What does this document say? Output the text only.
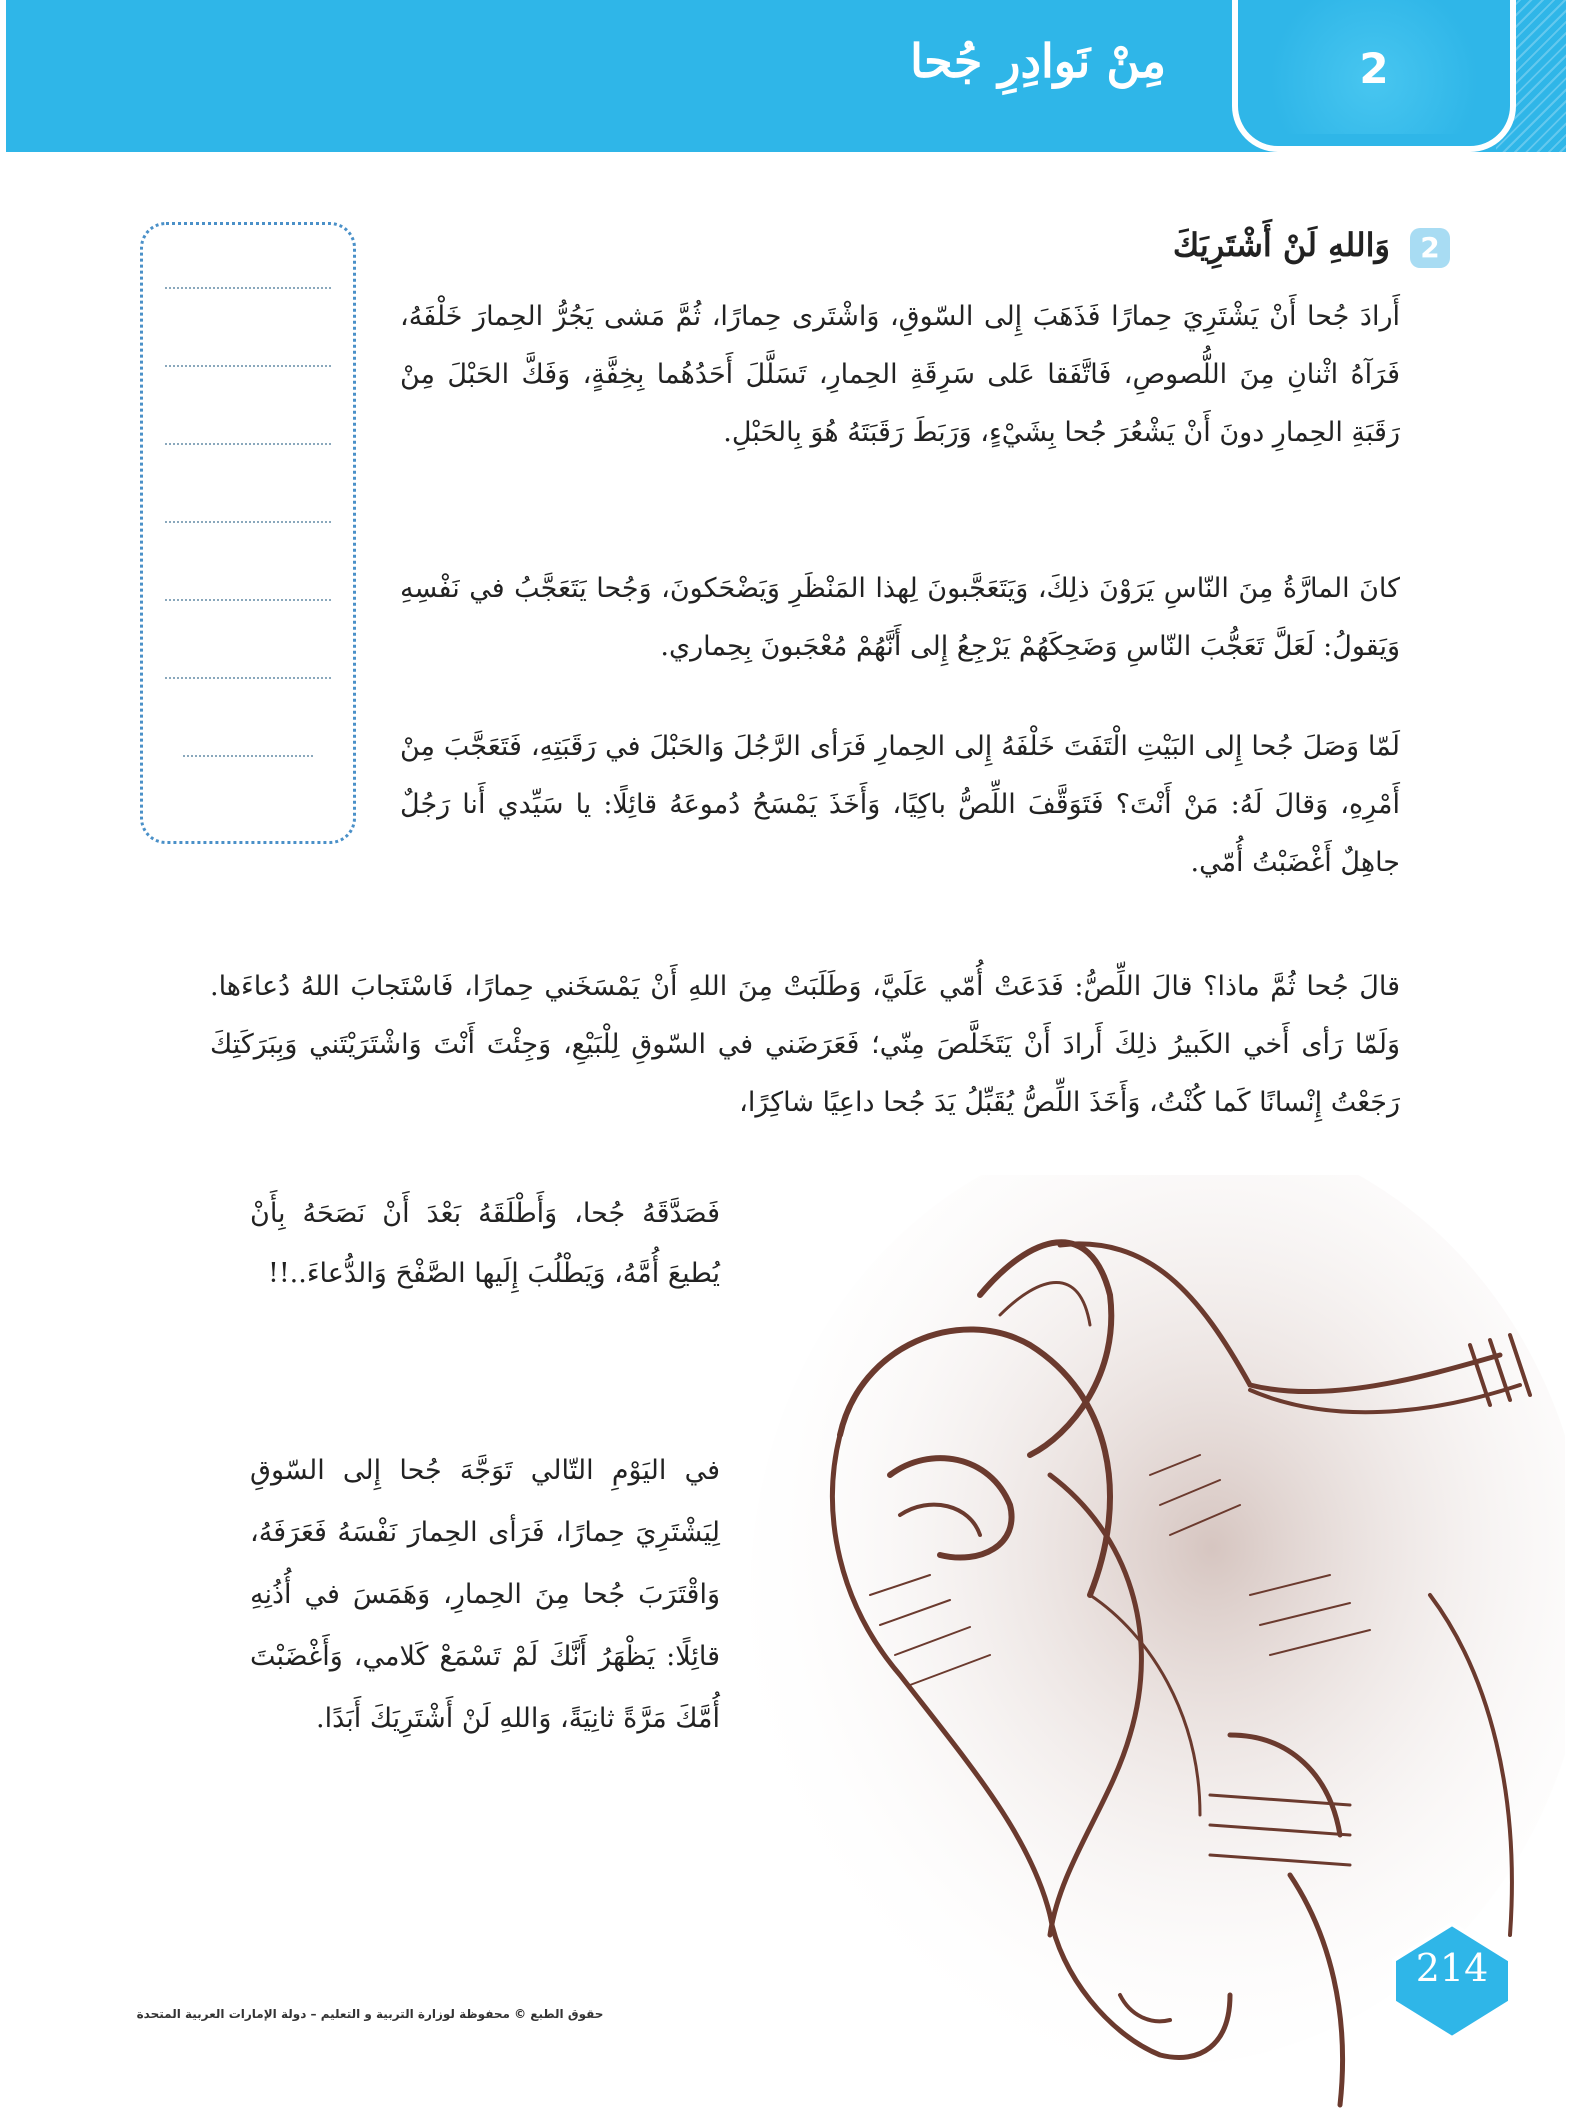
مِنْ نَوادِرِ جُحا	2
2
وَاللهِ لَنْ أَشْتَرِيَكَ

أَرادَ جُحا أَنْ يَشْتَرِيَ حِمارًا فَذَهَبَ إِلى السّوقِ، وَاشْتَرى حِمارًا، ثُمَّ مَشى يَجُرُّ الحِمارَ خَلْفَهُ، فَرَآهُ اثْنانِ مِنَ اللُّصوصِ، فَاتَّفَقا عَلى سَرِقَةِ الحِمارِ، تَسَلَّلَ أَحَدُهُما بِخِفَّةٍ، وَفَكَّ الحَبْلَ مِنْ رَقَبَةِ الحِمارِ دونَ أَنْ يَشْعُرَ جُحا بِشَيْءٍ، وَرَبَطَ رَقَبَتَهُ هُوَ بِالحَبْلِ.

كانَ المارَّةُ مِنَ النّاسِ يَرَوْنَ ذلِكَ، وَيَتَعَجَّبونَ لِهذا المَنْظَرِ وَيَضْحَكونَ، وَجُحا يَتَعَجَّبُ في نَفْسِهِ وَيَقولُ: لَعَلَّ تَعَجُّبَ النّاسِ وَضَحِكَهُمْ يَرْجِعُ إِلى أَنَّهُمْ مُعْجَبونَ بِحِماري.

لَمّا وَصَلَ جُحا إِلى البَيْتِ الْتَفَتَ خَلْفَهُ إِلى الحِمارِ فَرَأى الرَّجُلَ وَالحَبْلَ في رَقَبَتِهِ، فَتَعَجَّبَ مِنْ أَمْرِهِ، وَقالَ لَهُ: مَنْ أَنْتَ؟ فَتَوَقَّفَ اللِّصُّ باكِيًا، وَأَخَذَ يَمْسَحُ دُموعَهُ قائِلًا: يا سَيِّدي أَنا رَجُلٌ جاهِلٌ أَغْضَبْتُ أُمّي.

قالَ جُحا ثُمَّ ماذا؟ قالَ اللِّصُّ: فَدَعَتْ أُمّي عَلَيَّ، وَطَلَبَتْ مِنَ اللهِ أَنْ يَمْسَخَني حِمارًا، فَاسْتَجابَ اللهُ دُعاءَها. وَلَمّا رَأى أَخي الكَبيرُ ذلِكَ أَرادَ أَنْ يَتَخَلَّصَ مِنّي؛ فَعَرَضَني في السّوقِ لِلْبَيْعِ، وَجِئْتَ أَنْتَ وَاشْتَرَيْتَني وَبِبَرَكَتِكَ رَجَعْتُ إِنْسانًا كَما كُنْتُ، وَأَخَذَ اللِّصُّ يُقَبِّلُ يَدَ جُحا داعِيًا شاكِرًا،

فَصَدَّقَهُ جُحا، وَأَطْلَقَهُ بَعْدَ أَنْ نَصَحَهُ بِأَنْ يُطيعَ أُمَّهُ، وَيَطْلُبَ إِلَيها الصَّفْحَ وَالدُّعاءَ..!!

في اليَوْمِ التّالي تَوَجَّهَ جُحا إِلى السّوقِ لِيَشْتَرِيَ حِمارًا، فَرَأى الحِمارَ نَفْسَهُ فَعَرَفَهُ، وَاقْتَرَبَ جُحا مِنَ الحِمارِ، وَهَمَسَ في أُذُنِهِ قائِلًا: يَظْهَرُ أَنَّكَ لَمْ تَسْمَعْ كَلامي، وَأَغْضَبْتَ أُمَّكَ مَرَّةً ثانِيَةً، وَاللهِ لَنْ أَشْتَرِيَكَ أَبَدًا.

214
حقوق الطبع © محفوظة لوزارة التربية و التعليم – دولة الإمارات العربية المتحدة
